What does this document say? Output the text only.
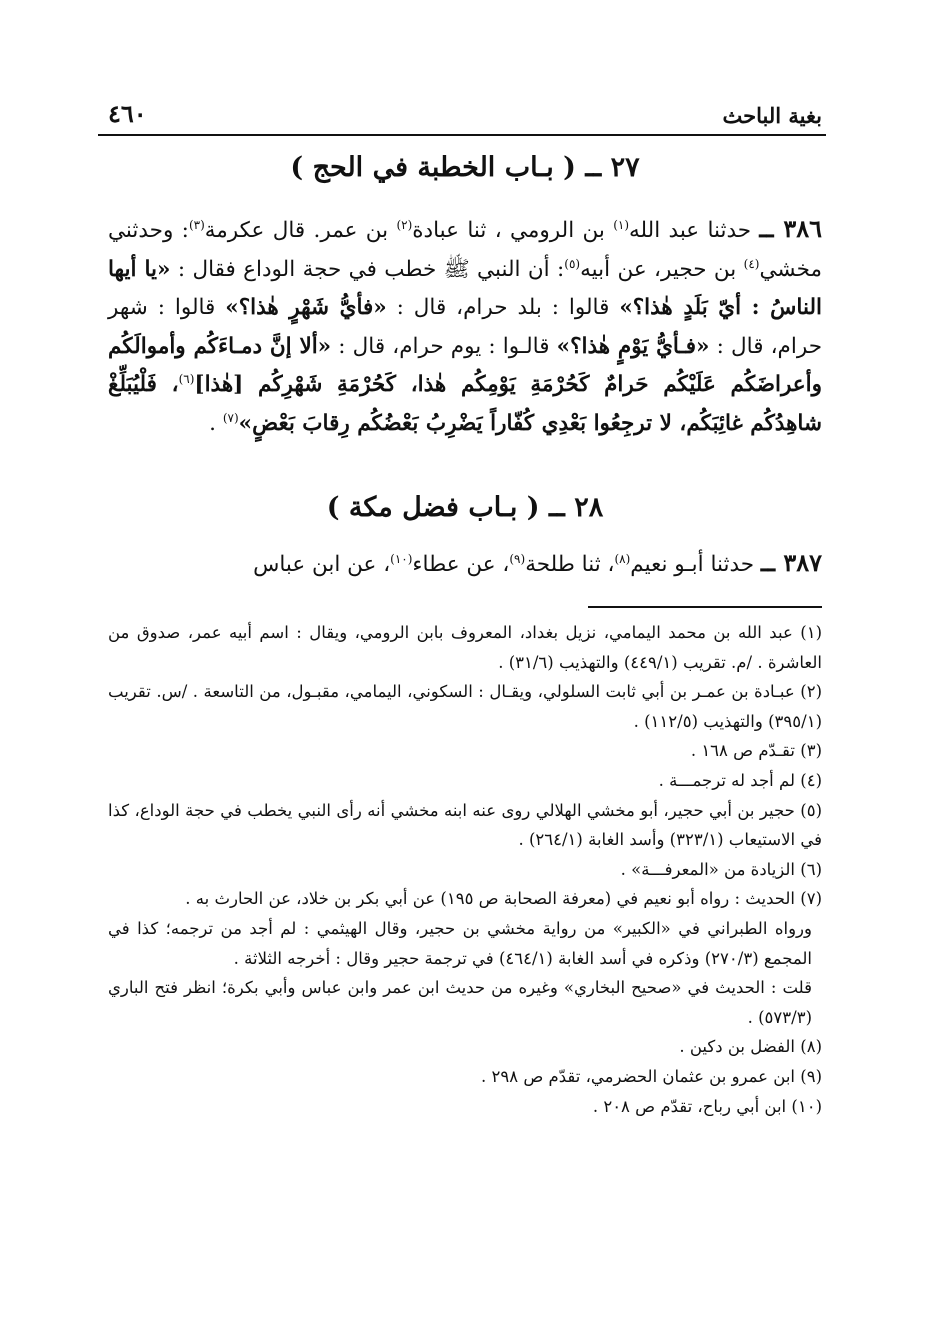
بغية الباحث
٤٦٠
٢٧ ــ ( بـاب الخطبة في الحج )
٣٨٦ ــ حدثنا عبد الله$^{(١)}$ بن الرومي ، ثنا عبادة$^{(٢)}$ بن عمر. قال عكرمة$^{(٣)}$: وحدثني مخشي$^{(٤)}$ بن حجير، عن أبيه$^{(٥)}$: أن النبي ﷺ خطب في حجة الوداع فقال : «يا أيها الناسُ : أيّ بَلَدٍ هٰذا؟» قالوا : بلد حرام، قال : «فأيُّ شَهْرٍ هٰذا؟» قالوا : شهر حرام، قال : «فـأيُّ يَوْمٍ هٰذا؟» قالـوا : يوم حرام، قال : «ألا إنَّ دمـاءَكُم وأموالَكُم وأعراضَكُم عَلَيْكُم حَرامٌ كَحُرْمَةِ يَوْمِكُم هٰذا، كَحُرْمَةِ شَهْرِكُم [هٰذا]$^{(٦)}$، فَلْيُبَلِّغْ شاهِدُكُم غائِبَكُم، لا ترجِعُوا بَعْدِي كُفّاراً يَضْرِبُ بَعْضُكُم رِقابَ بَعْضٍ»$^{(٧)}$ .
٢٨ ــ ( بـاب فضل مكة )
٣٨٧ ــ حدثنا أبـو نعيم$^{(٨)}$، ثنا طلحة$^{(٩)}$، عن عطاء$^{(١٠)}$، عن ابن عباس

(١) عبد الله بن محمد اليمامي، نزيل بغداد، المعروف بابن الرومي، ويقال : اسم أبيه عمر، صدوق من العاشرة . /م. تقريب (٤٤٩/١) والتهذيب (٣١/٦) .

(٢) عبـادة بن عمـر بن أبي ثابت السلولي، ويقـال : السكوني، اليمامي، مقبـول، من التاسعة . /س. تقريب (٣٩٥/١) والتهذيب (١١٢/٥) .

(٣) تقـدّم ص ١٦٨ .

(٤) لم أجد له ترجمـــة .

(٥) حجير بن أبي حجير، أبو مخشي الهلالي روى عنه ابنه مخشي أنه رأى النبي يخطب في حجة الوداع، كذا في الاستيعاب (٣٢٣/١) وأسد الغابة (٢٦٤/١) .

(٦) الزيادة من «المعرفـــة» .

(٧) الحديث : رواه أبو نعيم في (معرفة الصحابة ص ١٩٥) عن أبي بكر بن خلاد، عن الحارث به .

ورواه الطبراني في «الكبير» من رواية مخشي بن حجير، وقال الهيثمي : لم أجد من ترجمه؛ كذا في المجمع (٢٧٠/٣) وذكره في أسد الغابة (٤٦٤/١) في ترجمة حجير وقال : أخرجه الثلاثة .

قلت : الحديث في «صحيح البخاري» وغيره من حديث ابن عمر وابن عباس وأبي بكرة؛ انظر فتح الباري (٥٧٣/٣) .

(٨) الفضل بن دكين .

(٩) ابن عمرو بن عثمان الحضرمي، تقدّم ص ٢٩٨ .

(١٠) ابن أبي رباح، تقدّم ص ٢٠٨ .
